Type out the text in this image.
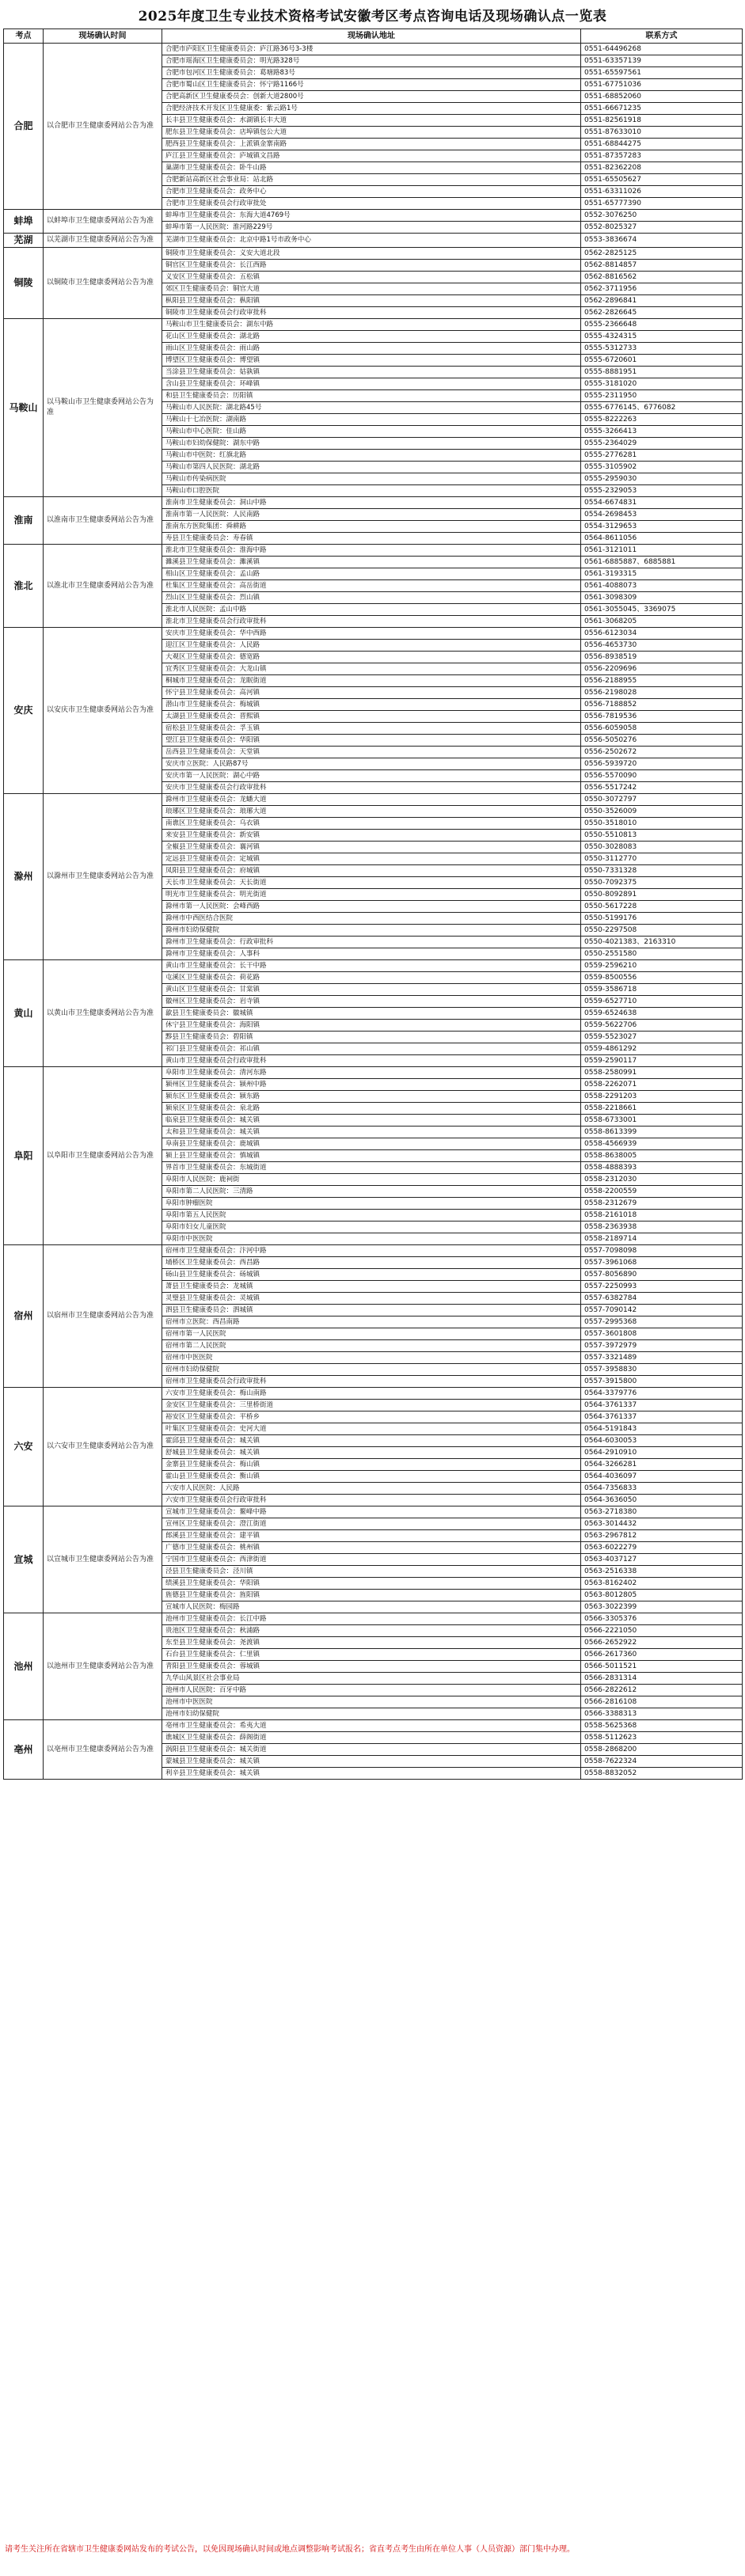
2025年度卫生专业技术资格考试安徽考区考点咨询电话及现场确认点一览表
考点	现场确认时间	现场确认地址	联系方式
合肥	以合肥市卫生健康委网站公告为准	合肥市庐阳区卫生健康委员会：庐江路36号3-3楼	0551-64496268
		合肥市瑶海区卫生健康委员会：明光路328号	0551-63357139
		合肥市包河区卫生健康委员会：葛塘路83号	0551-65597561
		合肥市蜀山区卫生健康委员会：怀宁路1166号	0551-67751036
		合肥高新区卫生健康委员会：创新大道2800号	0551-68852060
		合肥经济技术开发区卫生健康委：紫云路1号	0551-66671235
		长丰县卫生健康委员会：水湖镇长丰大道	0551-82561918
		肥东县卫生健康委员会：店埠镇包公大道	0551-87633010
		肥西县卫生健康委员会：上派镇金寨南路	0551-68844275
		庐江县卫生健康委员会：庐城镇文昌路	0551-87357283
		巢湖市卫生健康委员会：卧牛山路	0551-82362208
		合肥新站高新区社会事业局：站北路	0551-65505627
		合肥市卫生健康委员会：政务中心	0551-63311026
		合肥市卫生健康委员会行政审批处	0551-65777390
蚌埠	以蚌埠市卫生健康委网站公告为准	蚌埠市卫生健康委员会：东海大道4769号	0552-3076250
		蚌埠市第一人民医院：淮河路229号	0552-8025327
芜湖	以芜湖市卫生健康委网站公告为准	芜湖市卫生健康委员会：北京中路1号市政务中心	0553-3836674
铜陵	以铜陵市卫生健康委网站公告为准	铜陵市卫生健康委员会：义安大道北段	0562-2825125
		铜官区卫生健康委员会：长江西路	0562-8814857
		义安区卫生健康委员会：五松镇	0562-8816562
		郊区卫生健康委员会：铜官大道	0562-3711956
		枞阳县卫生健康委员会：枞阳镇	0562-2896841
		铜陵市卫生健康委员会行政审批科	0562-2826645
马鞍山	以马鞍山市卫生健康委网站公告为准	马鞍山市卫生健康委员会：湖东中路	0555-2366648
		花山区卫生健康委员会：湖北路	0555-4324315
		雨山区卫生健康委员会：雨山路	0555-5312733
		博望区卫生健康委员会：博望镇	0555-6720601
		当涂县卫生健康委员会：姑孰镇	0555-8881951
		含山县卫生健康委员会：环峰镇	0555-3181020
		和县卫生健康委员会：历阳镇	0555-2311950
		马鞍山市人民医院：湖北路45号	0555-6776145、6776082
		马鞍山十七冶医院：湖南路	0555-8222263
		马鞍山市中心医院：佳山路	0555-3266413
		马鞍山市妇幼保健院：湖东中路	0555-2364029
		马鞍山市中医院：红旗北路	0555-2776281
		马鞍山市第四人民医院：湖北路	0555-3105902
		马鞍山市传染病医院	0555-2959030
		马鞍山市口腔医院	0555-2329053
淮南	以淮南市卫生健康委网站公告为准	淮南市卫生健康委员会：洞山中路	0554-6674831
		淮南市第一人民医院：人民南路	0554-2698453
		淮南东方医院集团：舜耕路	0554-3129653
		寿县卫生健康委员会：寿春镇	0564-8611056
淮北	以淮北市卫生健康委网站公告为准	淮北市卫生健康委员会：淮海中路	0561-3121011
		濉溪县卫生健康委员会：濉溪镇	0561-6885887、6885881
		相山区卫生健康委员会：孟山路	0561-3193315
		杜集区卫生健康委员会：高岳街道	0561-4088073
		烈山区卫生健康委员会：烈山镇	0561-3098309
		淮北市人民医院：孟山中路	0561-3055045、3369075
		淮北市卫生健康委员会行政审批科	0561-3068205
安庆	以安庆市卫生健康委网站公告为准	安庆市卫生健康委员会：华中西路	0556-6123034
		迎江区卫生健康委员会：人民路	0556-4653730
		大观区卫生健康委员会：德宽路	0556-8938519
		宜秀区卫生健康委员会：大龙山镇	0556-2209696
		桐城市卫生健康委员会：龙眠街道	0556-2188955
		怀宁县卫生健康委员会：高河镇	0556-2198028
		潜山市卫生健康委员会：梅城镇	0556-7188852
		太湖县卫生健康委员会：晋熙镇	0556-7819536
		宿松县卫生健康委员会：孚玉镇	0556-6059058
		望江县卫生健康委员会：华阳镇	0556-5050276
		岳西县卫生健康委员会：天堂镇	0556-2502672
		安庆市立医院：人民路87号	0556-5939720
		安庆市第一人民医院：湖心中路	0556-5570090
		安庆市卫生健康委员会行政审批科	0556-5517242
滁州	以滁州市卫生健康委网站公告为准	滁州市卫生健康委员会：龙蟠大道	0550-3072797
		琅琊区卫生健康委员会：琅琊大道	0550-3526009
		南谯区卫生健康委员会：乌衣镇	0550-3518010
		来安县卫生健康委员会：新安镇	0550-5510813
		全椒县卫生健康委员会：襄河镇	0550-3028083
		定远县卫生健康委员会：定城镇	0550-3112770
		凤阳县卫生健康委员会：府城镇	0550-7331328
		天长市卫生健康委员会：天长街道	0550-7092375
		明光市卫生健康委员会：明光街道	0550-8092891
		滁州市第一人民医院：会峰西路	0550-5617228
		滁州市中西医结合医院	0550-5199176
		滁州市妇幼保健院	0550-2297508
		滁州市卫生健康委员会：行政审批科	0550-4021383、2163310
		滁州市卫生健康委员会：人事科	0550-2551580
黄山	以黄山市卫生健康委网站公告为准	黄山市卫生健康委员会：长干中路	0559-2596210
		屯溪区卫生健康委员会：荷花路	0559-8500556
		黄山区卫生健康委员会：甘棠镇	0559-3586718
		徽州区卫生健康委员会：岩寺镇	0559-6527710
		歙县卫生健康委员会：徽城镇	0559-6524638
		休宁县卫生健康委员会：海阳镇	0559-5622706
		黟县卫生健康委员会：碧阳镇	0559-5523027
		祁门县卫生健康委员会：祁山镇	0559-4861292
		黄山市卫生健康委员会行政审批科	0559-2590117
阜阳	以阜阳市卫生健康委网站公告为准	阜阳市卫生健康委员会：清河东路	0558-2580991
		颍州区卫生健康委员会：颍州中路	0558-2262071
		颍东区卫生健康委员会：颍东路	0558-2291203
		颍泉区卫生健康委员会：泉北路	0558-2218661
		临泉县卫生健康委员会：城关镇	0558-6733001
		太和县卫生健康委员会：城关镇	0558-8613399
		阜南县卫生健康委员会：鹿城镇	0558-4566939
		颍上县卫生健康委员会：慎城镇	0558-8638005
		界首市卫生健康委员会：东城街道	0558-4888393
		阜阳市人民医院：鹿祠街	0558-2312030
		阜阳市第二人民医院：三清路	0558-2200559
		阜阳市肿瘤医院	0558-2312679
		阜阳市第五人民医院	0558-2161018
		阜阳市妇女儿童医院	0558-2363938
		阜阳市中医医院	0558-2189714
宿州	以宿州市卫生健康委网站公告为准	宿州市卫生健康委员会：汴河中路	0557-7098098
		埇桥区卫生健康委员会：西昌路	0557-3961068
		砀山县卫生健康委员会：砀城镇	0557-8056890
		萧县卫生健康委员会：龙城镇	0557-2250993
		灵璧县卫生健康委员会：灵城镇	0557-6382784
		泗县卫生健康委员会：泗城镇	0557-7090142
		宿州市立医院：西昌南路	0557-2995368
		宿州市第一人民医院	0557-3601808
		宿州市第二人民医院	0557-3972979
		宿州市中医医院	0557-3321489
		宿州市妇幼保健院	0557-3958830
		宿州市卫生健康委员会行政审批科	0557-3915800
六安	以六安市卫生健康委网站公告为准	六安市卫生健康委员会：梅山南路	0564-3379776
		金安区卫生健康委员会：三里桥街道	0564-3761337
		裕安区卫生健康委员会：平桥乡	0564-3761337
		叶集区卫生健康委员会：史河大道	0564-5191843
		霍邱县卫生健康委员会：城关镇	0564-6030053
		舒城县卫生健康委员会：城关镇	0564-2910910
		金寨县卫生健康委员会：梅山镇	0564-3266281
		霍山县卫生健康委员会：衡山镇	0564-4036097
		六安市人民医院：人民路	0564-7356833
		六安市卫生健康委员会行政审批科	0564-3636050
宣城	以宣城市卫生健康委网站公告为准	宣城市卫生健康委员会：鳌峰中路	0563-2718380
		宣州区卫生健康委员会：澄江街道	0563-3014432
		郎溪县卫生健康委员会：建平镇	0563-2967812
		广德市卫生健康委员会：桃州镇	0563-6022279
		宁国市卫生健康委员会：西津街道	0563-4037127
		泾县卫生健康委员会：泾川镇	0563-2516338
		绩溪县卫生健康委员会：华阳镇	0563-8162402
		旌德县卫生健康委员会：旌阳镇	0563-8012805
		宣城市人民医院：梅园路	0563-3022399
池州	以池州市卫生健康委网站公告为准	池州市卫生健康委员会：长江中路	0566-3305376
		贵池区卫生健康委员会：秋浦路	0566-2221050
		东至县卫生健康委员会：尧渡镇	0566-2652922
		石台县卫生健康委员会：仁里镇	0566-2617360
		青阳县卫生健康委员会：蓉城镇	0566-5011521
		九华山风景区社会事业局	0566-2831314
		池州市人民医院：百牙中路	0566-2822612
		池州市中医医院	0566-2816108
		池州市妇幼保健院	0566-3388313
亳州	以亳州市卫生健康委网站公告为准	亳州市卫生健康委员会：希夷大道	0558-5625368
		谯城区卫生健康委员会：薛阁街道	0558-5112623
		涡阳县卫生健康委员会：城关街道	0558-2868200
		蒙城县卫生健康委员会：城关镇	0558-7622324
		利辛县卫生健康委员会：城关镇	0558-8832052
请考生关注所在省辖市卫生健康委网站发布的考试公告，以免因现场确认时间或地点调整影响考试报名；省直考点考生由所在单位人事（人员资源）部门集中办理。
